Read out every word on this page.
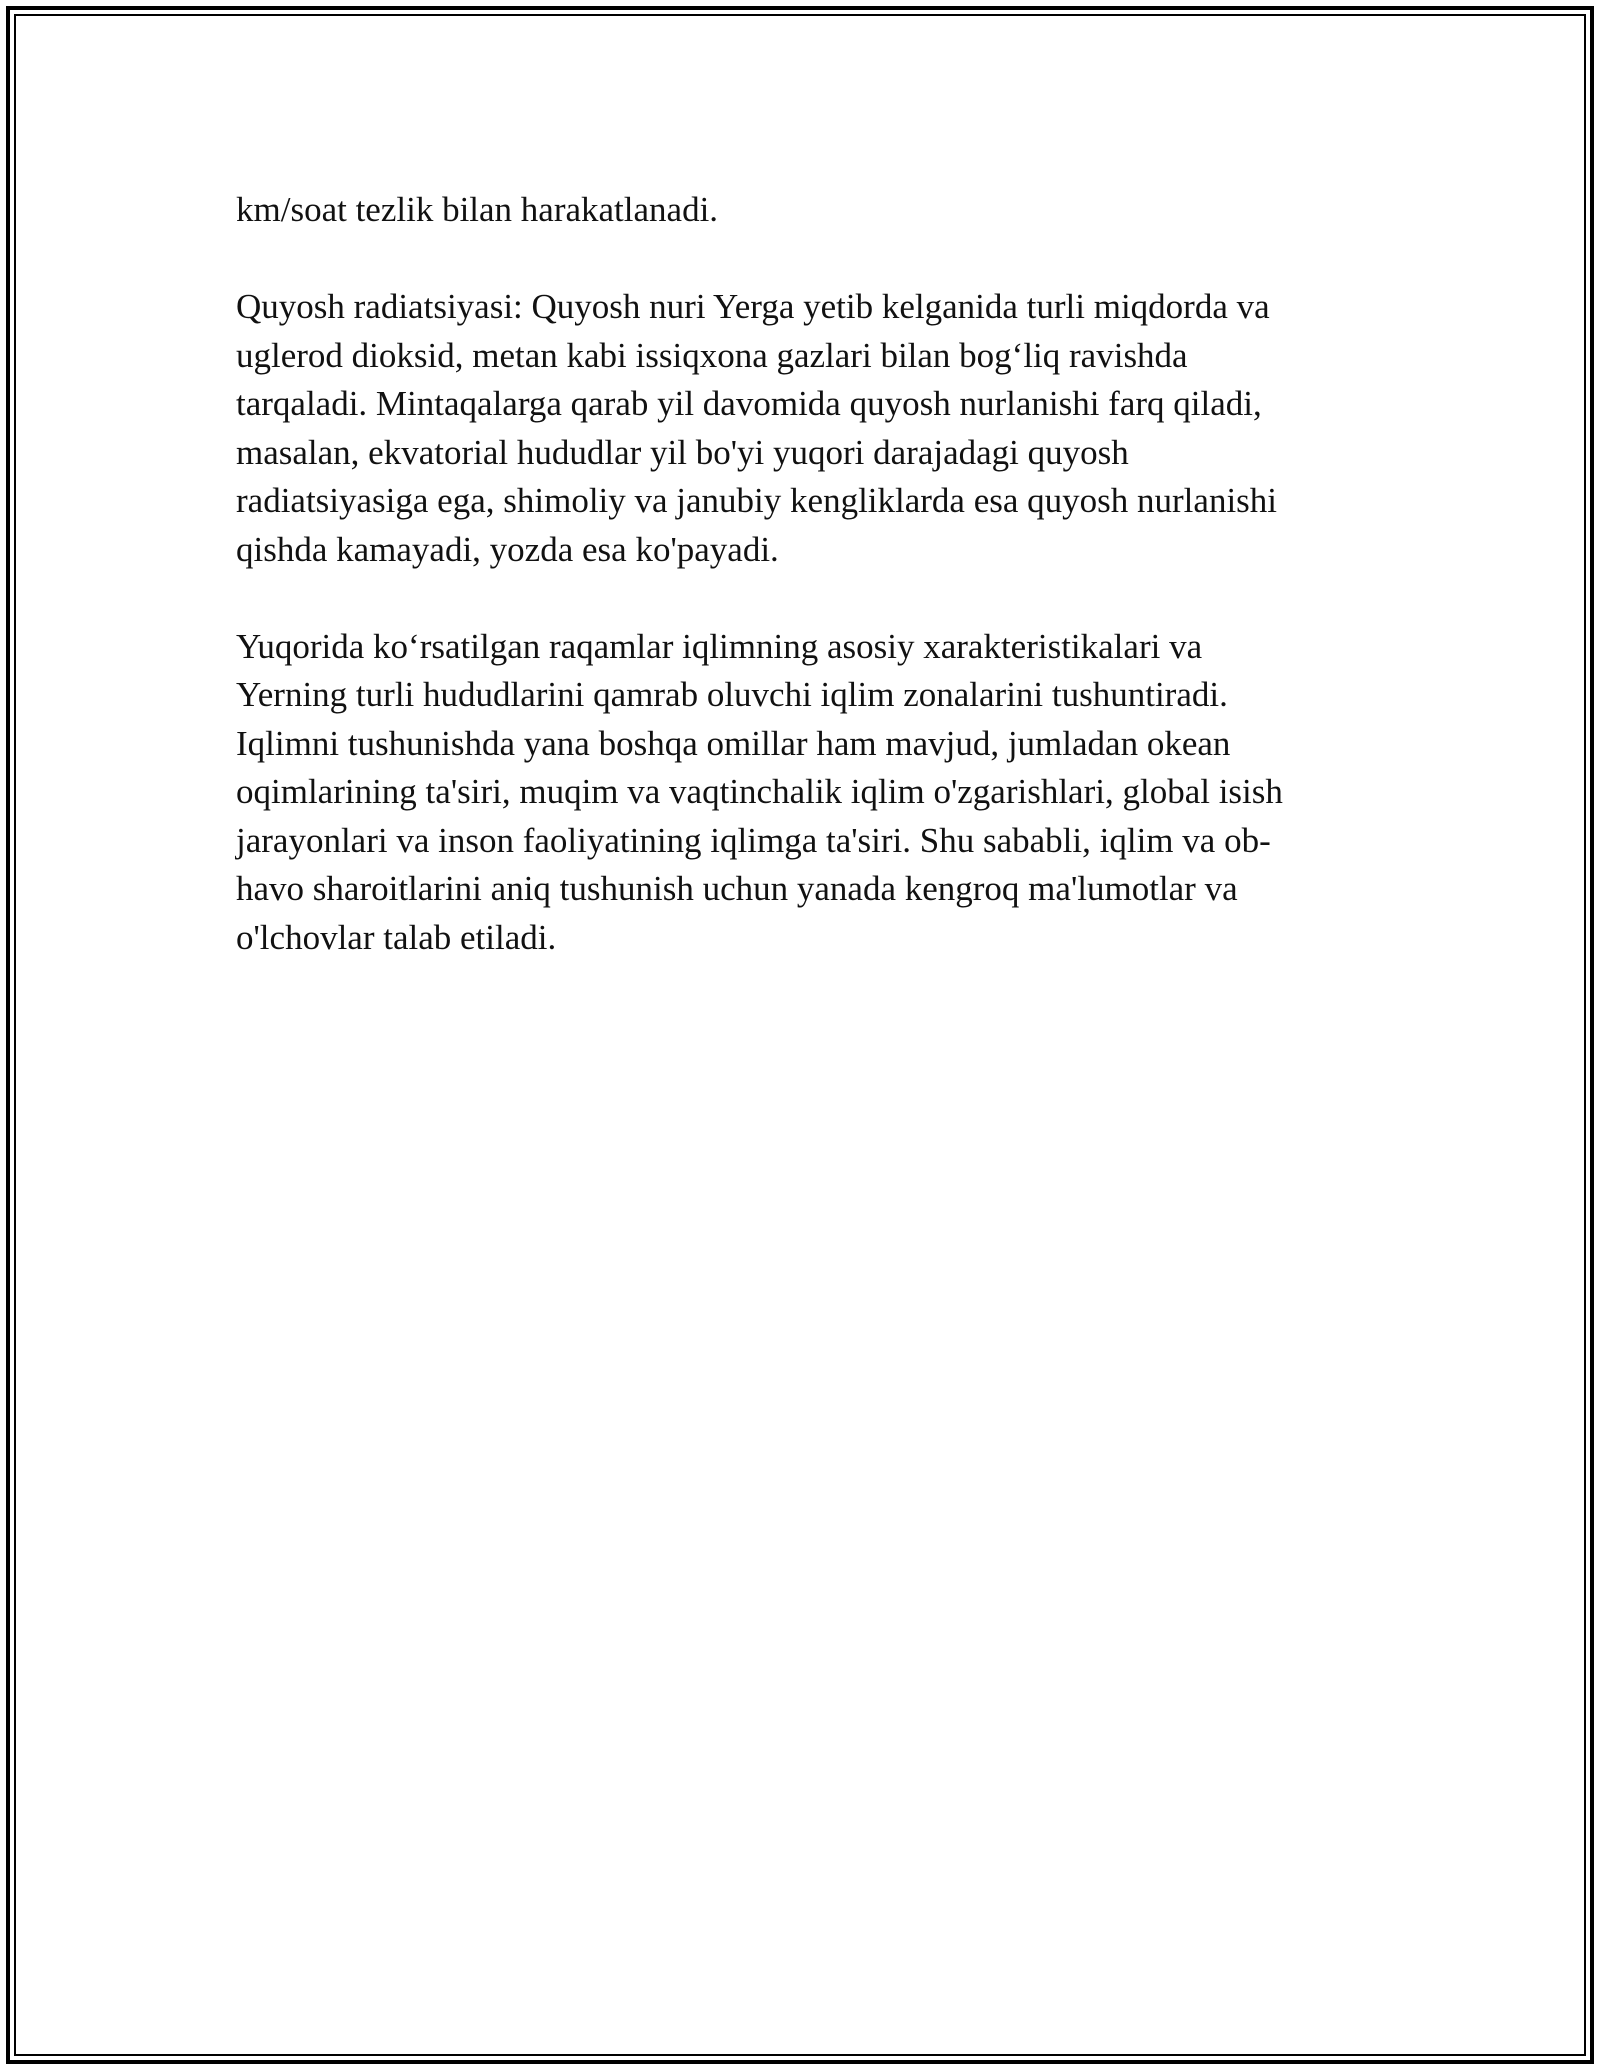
km/soat tezlik bilan harakatlanadi.

Quyosh radiatsiyasi: Quyosh nuri Yerga yetib kelganida turli miqdorda va
uglerod dioksid, metan kabi issiqxona gazlari bilan bog‘liq ravishda
tarqaladi. Mintaqalarga qarab yil davomida quyosh nurlanishi farq qiladi,
masalan, ekvatorial hududlar yil bo'yi yuqori darajadagi quyosh
radiatsiyasiga ega, shimoliy va janubiy kengliklarda esa quyosh nurlanishi
qishda kamayadi, yozda esa ko'payadi.

Yuqorida ko‘rsatilgan raqamlar iqlimning asosiy xarakteristikalari va
Yerning turli hududlarini qamrab oluvchi iqlim zonalarini tushuntiradi.
Iqlimni tushunishda yana boshqa omillar ham mavjud, jumladan okean
oqimlarining ta'siri, muqim va vaqtinchalik iqlim o'zgarishlari, global isish
jarayonlari va inson faoliyatining iqlimga ta'siri. Shu sababli, iqlim va ob-
havo sharoitlarini aniq tushunish uchun yanada kengroq ma'lumotlar va
o'lchovlar talab etiladi.
